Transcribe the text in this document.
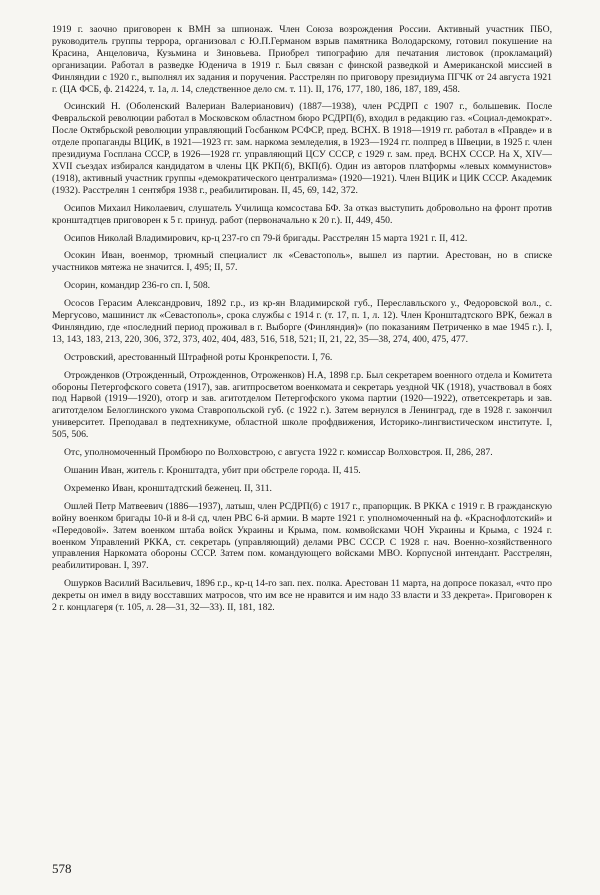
1919 г. заочно приговорен к ВМН за шпионаж. Член Союза возрождения России. Активный участник ПБО, руководитель группы террора, организовал с Ю.П.Германом взрыв памятника Володарскому, готовил покушение на Красина, Анцеловича, Кузьмина и Зиновьева. Приобрел типографию для печатания листовок (прокламаций) организации. Работал в разведке Юденича в 1919 г. Был связан с финской разведкой и Американской миссией в Финляндии с 1920 г., выполнял их задания и поручения. Расстрелян по приговору президиума ПГЧК от 24 августа 1921 г. (ЦА ФСБ, ф. 214224, т. 1а, л. 14, следственное дело см. т. 11). II, 176, 177, 180, 186, 187, 189, 458.

Осинский Н. (Оболенский Валериан Валерианович) (1887—1938), член РСДРП с 1907 г., большевик. После Февральской революции работал в Московском областном бюро РСДРП(б), входил в редакцию газ. «Социал-демократ». После Октябрьской революции управляющий Госбанком РСФСР, пред. ВСНХ. В 1918—1919 гг. работал в «Правде» и в отделе пропаганды ВЦИК, в 1921—1923 гг. зам. наркома земледелия, в 1923—1924 гг. полпред в Швеции, в 1925 г. член президиума Госплана СССР, в 1926—1928 гг. управляющий ЦСУ СССР, с 1929 г. зам. пред. ВСНХ СССР. На X, XIV—XVII съездах избирался кандидатом в члены ЦК РКП(б), ВКП(б). Один из авторов платформы «левых коммунистов» (1918), активный участник группы «демократического централизма» (1920—1921). Член ВЦИК и ЦИК СССР. Академик (1932). Расстрелян 1 сентября 1938 г., реабилитирован. II, 45, 69, 142, 372.

Осипов Михаил Николаевич, слушатель Училища комсостава БФ. За отказ выступить добровольно на фронт против кронштадтцев приговорен к 5 г. принуд. работ (первоначально к 20 г.). II, 449, 450.

Осипов Николай Владимирович, кр-ц 237-го сп 79-й бригады. Расстрелян 15 марта 1921 г. II, 412.

Осокин Иван, военмор, трюмный специалист лк «Севастополь», вышел из партии. Арестован, но в списке участников мятежа не значится. I, 495; II, 57.

Осорин, командир 236-го сп. I, 508.

Ососов Герасим Александрович, 1892 г.р., из кр-ян Владимирской губ., Переславльского у., Федоровской вол., с. Мергусово, машинист лк «Севастополь», срока службы с 1914 г. (т. 17, п. 1, л. 12). Член Кронштадтского ВРК, бежал в Финляндию, где «последний период проживал в г. Выборге (Финляндия)» (по показаниям Петриченко в мае 1945 г.). I, 13, 143, 183, 213, 220, 306, 372, 373, 402, 404, 483, 516, 518, 521; II, 21, 22, 35—38, 274, 400, 475, 477.

Островский, арестованный Штрафной роты Кронкрепости. I, 76.

Отрожденков (Отрожденный, Отрожденнов, Отроженков) Н.А, 1898 г.р. Был секретарем военного отдела и Комитета обороны Петергофского совета (1917), зав. агитпросветом военкомата и секретарь уездной ЧК (1918), участвовал в боях под Нарвой (1919—1920), отогр и зав. агитотделом Петергофского укома партии (1920—1922), ответсекретарь и зав. агитотделом Белоглинского укома Ставропольской губ. (с 1922 г.). Затем вернулся в Ленинград, где в 1928 г. закончил университет. Преподавал в педтехникуме, областной школе профдвижения, Историко-лингвистическом институте. I, 505, 506.

Отс, уполномоченный Промбюро по Волховстрою, с августа 1922 г. комиссар Волховстроя. II, 286, 287.

Ошанин Иван, житель г. Кронштадта, убит при обстреле города. II, 415.

Охременко Иван, кронштадтский беженец. II, 311.

Ошлей Петр Матвеевич (1886—1937), латыш, член РСДРП(б) с 1917 г., прапорщик. В РККА с 1919 г. В гражданскую войну военком бригады 10-й и 8-й сд, член РВС 6-й армии. В марте 1921 г. уполномоченный на ф. «Краснофлотский» и «Передовой». Затем военком штаба войск Украины и Крыма, пом. комвойсками ЧОН Украины и Крыма, с 1924 г. военком Управлений РККА, ст. секретарь (управляющий) делами РВС СССР. С 1928 г. нач. Военно-хозяйственного управления Наркомата обороны СССР. Затем пом. командующего войсками МВО. Корпусной интендант. Расстрелян, реабилитирован. I, 397.

Ошурков Василий Васильевич, 1896 г.р., кр-ц 14-го зап. пех. полка. Арестован 11 марта, на допросе показал, «что про декреты он имел в виду восставших матросов, что им все не нравится и им надо 33 власти и 33 декрета». Приговорен к 2 г. концлагеря (т. 105, л. 28—31, 32—33). II, 181, 182.

578
